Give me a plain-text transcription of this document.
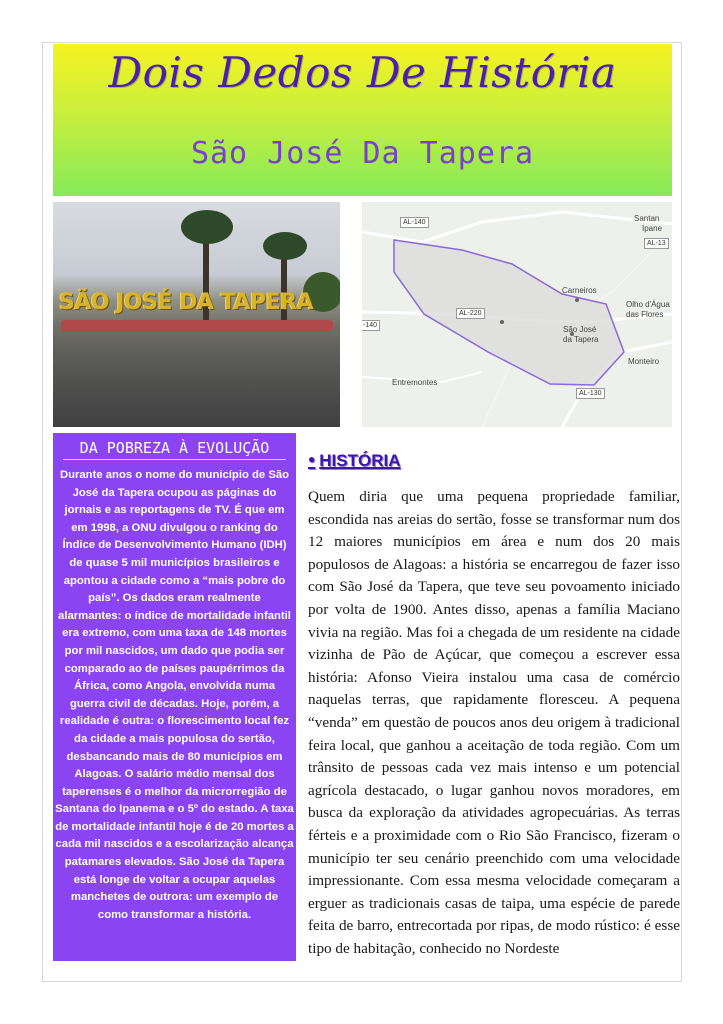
Dois Dedos De História
São José Da Tapera
SÃO JOSÉ DA TAPERA
Santan
Ipane
AL-140
AL-13
Carneiros
Olho d'Água
das Flores
AL-220
-140	São José
da Tapera
Monteiro
Entremontes
AL-130
DA POBREZA À EVOLUÇÃO
Durante anos o nome do município de São José da Tapera ocupou as páginas do jornais e as reportagens de TV. É que em em 1998, a ONU divulgou o ranking do Índice de Desenvolvimento Humano (IDH) de quase 5 mil municípios brasileiros e apontou a cidade como a “mais pobre do país”. Os dados eram realmente alarmantes: o índice de mortalidade infantil era extremo, com uma taxa de 148 mortes por mil nascidos, um dado que podia ser comparado ao de países paupérrimos da África, como Angola, envolvida numa guerra civil de décadas. Hoje, porém, a realidade é outra: o florescimento local fez da cidade a mais populosa do sertão, desbancando mais de 80 municípios em Alagoas. O salário médio mensal dos taperenses é o melhor da microrregião de Santana do Ipanema e o 5º do estado. A taxa de mortalidade infantil hoje é de 20 mortes a cada mil nascidos e a escolarização alcança patamares elevados. São José da Tapera está longe de voltar a ocupar aquelas manchetes de outrora: um exemplo de como transformar a história.
● HISTÓRIA
Quem diria que uma pequena propriedade familiar, escondida nas areias do sertão, fosse se transformar num dos 12 maiores municípios em área e num dos 20 mais populosos de Alagoas: a história se encarregou de fazer isso com São José da Tapera, que teve seu povoamento iniciado por volta de 1900. Antes disso, apenas a família Maciano vivia na região. Mas foi a chegada de um residente na cidade vizinha de Pão de Açúcar, que começou a escrever essa história: Afonso Vieira instalou uma casa de comércio naquelas terras, que rapidamente floresceu. A pequena “venda” em questão de poucos anos deu origem à tradicional feira local, que ganhou a aceitação de toda região. Com um trânsito de pessoas cada vez mais intenso e um potencial agrícola destacado, o lugar ganhou novos moradores, em busca da exploração da atividades agropecuárias. As terras férteis e a proximidade com o Rio São Francisco, fizeram o município ter seu cenário preenchido com uma velocidade impressionante. Com essa mesma velocidade começaram a erguer as tradicionais casas de taipa, uma espécie de parede feita de barro, entrecortada por ripas, de modo rústico: é esse tipo de habitação, conhecido no Nordeste
